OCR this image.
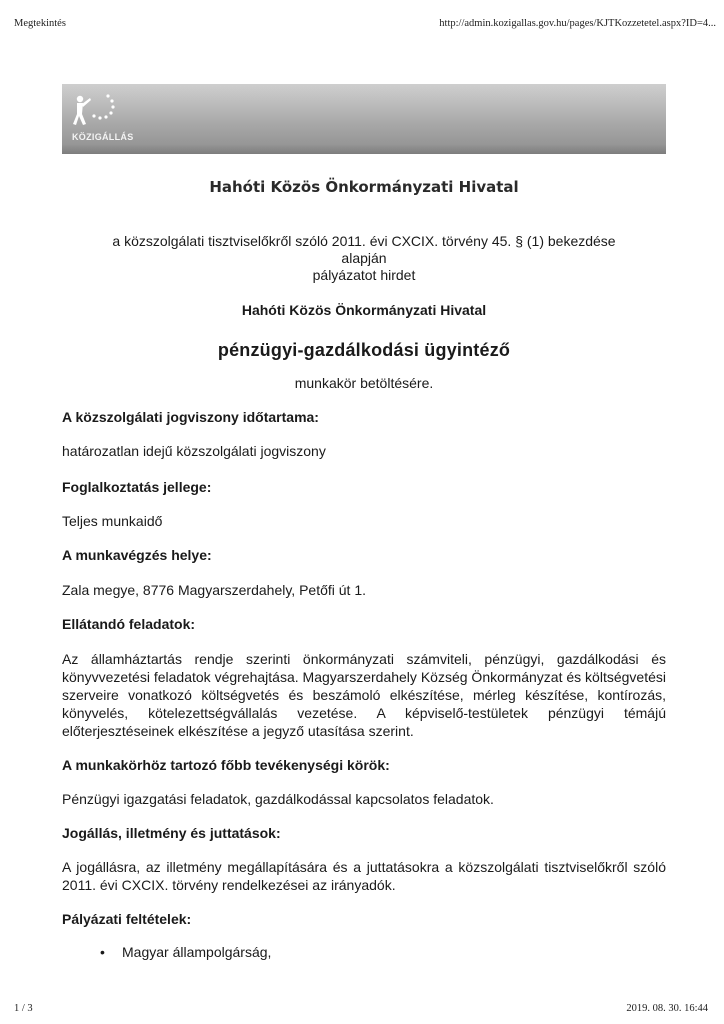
Megtekintés	http://admin.kozigallas.gov.hu/pages/KJTKozzetetel.aspx?ID=4...
KÖZIGÁLLÁS
Hahóti Közös Önkormányzati Hivatal
a közszolgálati tisztviselőkről szóló 2011. évi CXCIX. törvény 45. § (1) bekezdése
alapján
pályázatot hirdet
Hahóti Közös Önkormányzati Hivatal
pénzügyi-gazdálkodási ügyintéző
munkakör betöltésére.
A közszolgálati jogviszony időtartama:
határozatlan idejű közszolgálati jogviszony
Foglalkoztatás jellege:
Teljes munkaidő
A munkavégzés helye:
Zala megye, 8776 Magyarszerdahely, Petőfi út 1.
Ellátandó feladatok:
Az államháztartás rendje szerinti önkormányzati számviteli, pénzügyi, gazdálkodási és könyvvezetési feladatok végrehajtása. Magyarszerdahely Község Önkormányzat és költségvetési szerveire vonatkozó költségvetés és beszámoló elkészítése, mérleg készítése, kontírozás, könyvelés, kötelezettségvállalás vezetése. A képviselő-testületek pénzügyi témájú előterjesztéseinek elkészítése a jegyző utasítása szerint.
A munkakörhöz tartozó főbb tevékenységi körök:
Pénzügyi igazgatási feladatok, gazdálkodással kapcsolatos feladatok.
Jogállás, illetmény és juttatások:
A jogállásra, az illetmény megállapítására és a juttatásokra a közszolgálati tisztviselőkről szóló 2011. évi CXCIX. törvény rendelkezései az irányadók.
Pályázati feltételek:
• Magyar állampolgárság,
1 / 3	2019. 08. 30. 16:44
